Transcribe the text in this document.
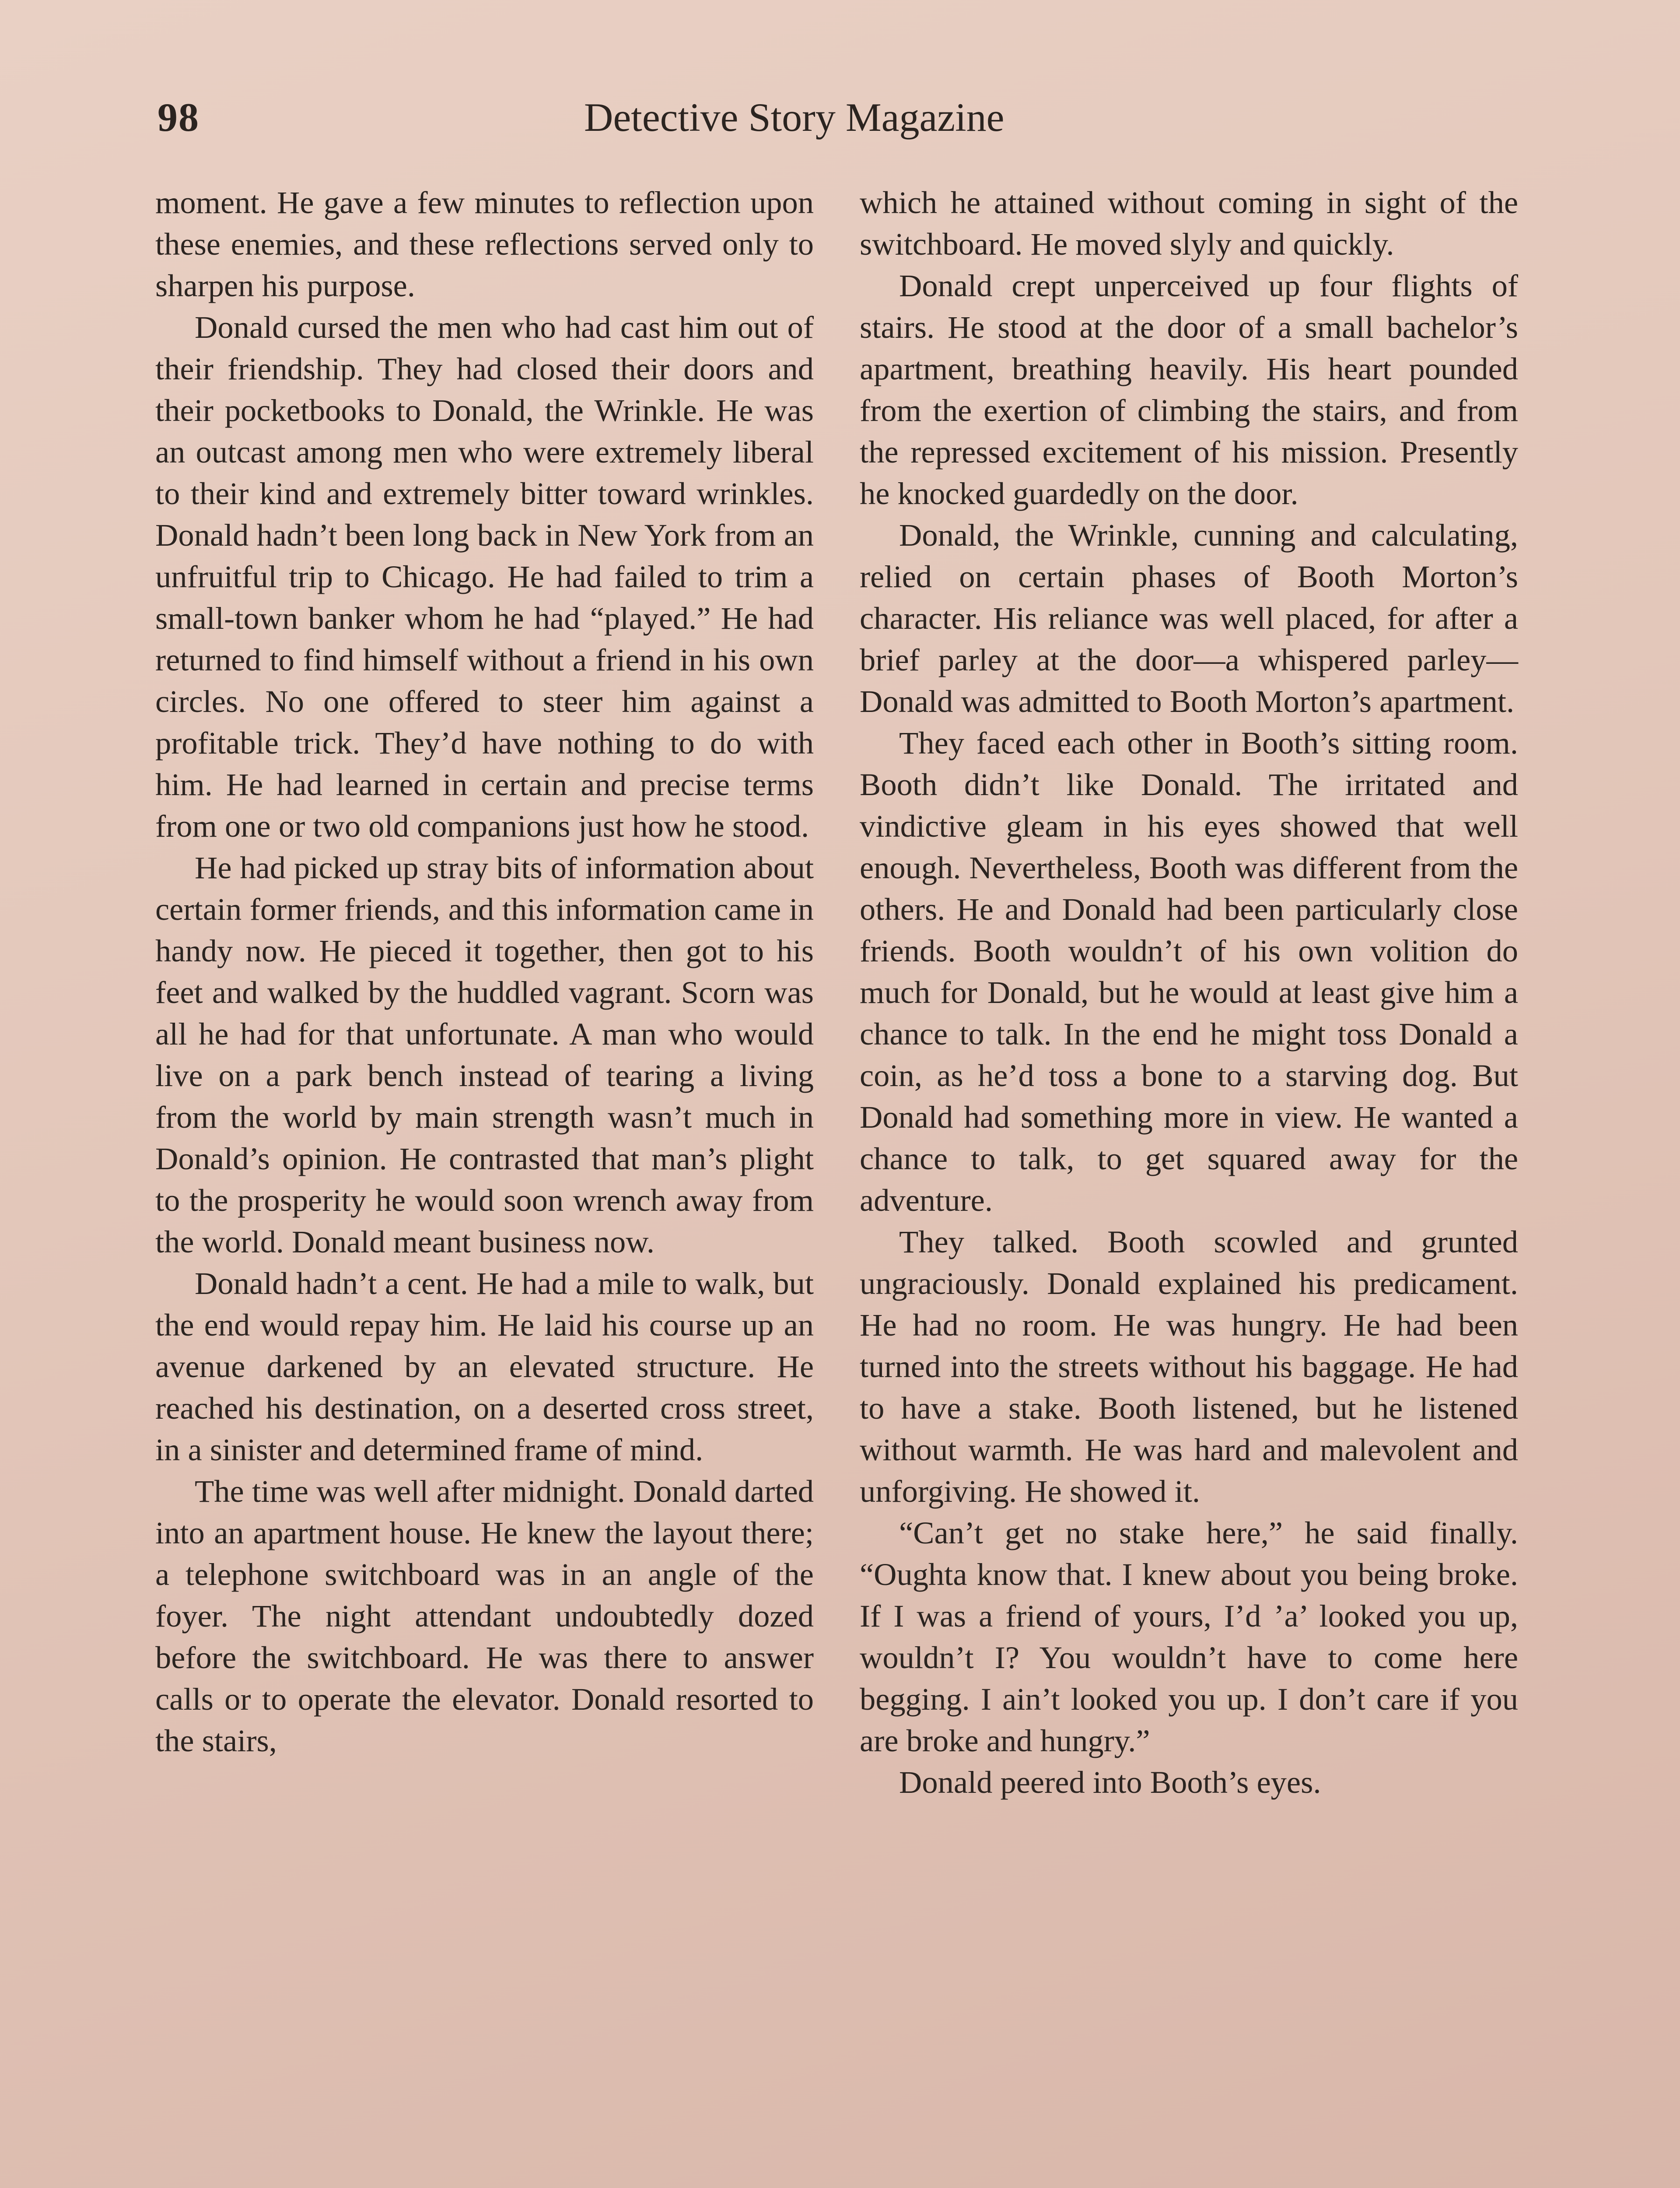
98	Detective Story Magazine

moment. He gave a few minutes to reflection upon these enemies, and these reflections served only to sharpen his purpose.

Donald cursed the men who had cast him out of their friendship. They had closed their doors and their pocketbooks to Donald, the Wrinkle. He was an outcast among men who were extremely liberal to their kind and extremely bitter toward wrinkles. Donald hadn’t been long back in New York from an unfruitful trip to Chicago. He had failed to trim a small-town banker whom he had “played.” He had returned to find himself without a friend in his own circles. No one offered to steer him against a profitable trick. They’d have nothing to do with him. He had learned in certain and precise terms from one or two old companions just how he stood.

He had picked up stray bits of information about certain former friends, and this information came in handy now. He pieced it together, then got to his feet and walked by the huddled vagrant. Scorn was all he had for that unfortunate. A man who would live on a park bench instead of tearing a living from the world by main strength wasn’t much in Donald’s opinion. He contrasted that man’s plight to the prosperity he would soon wrench away from the world. Donald meant business now.

Donald hadn’t a cent. He had a mile to walk, but the end would repay him. He laid his course up an avenue darkened by an elevated structure. He reached his destination, on a deserted cross street, in a sinister and determined frame of mind.

The time was well after midnight. Donald darted into an apartment house. He knew the layout there; a telephone switchboard was in an angle of the foyer. The night attendant undoubtedly dozed before the switchboard. He was there to answer calls or to operate the elevator. Donald resorted to the stairs,

which he attained without coming in sight of the switchboard. He moved slyly and quickly.

Donald crept unperceived up four flights of stairs. He stood at the door of a small bachelor’s apartment, breathing heavily. His heart pounded from the exertion of climbing the stairs, and from the repressed excitement of his mission. Presently he knocked guardedly on the door.

Donald, the Wrinkle, cunning and calculating, relied on certain phases of Booth Morton’s character. His reliance was well placed, for after a brief parley at the door—a whispered parley—Donald was admitted to Booth Morton’s apartment.

They faced each other in Booth’s sitting room. Booth didn’t like Donald. The irritated and vindictive gleam in his eyes showed that well enough. Nevertheless, Booth was different from the others. He and Donald had been particularly close friends. Booth wouldn’t of his own volition do much for Donald, but he would at least give him a chance to talk. In the end he might toss Donald a coin, as he’d toss a bone to a starving dog. But Donald had something more in view. He wanted a chance to talk, to get squared away for the adventure.

They talked. Booth scowled and grunted ungraciously. Donald explained his predicament. He had no room. He was hungry. He had been turned into the streets without his baggage. He had to have a stake. Booth listened, but he listened without warmth. He was hard and malevolent and unforgiving. He showed it.

“Can’t get no stake here,” he said finally. “Oughta know that. I knew about you being broke. If I was a friend of yours, I’d ’a’ looked you up, wouldn’t I? You wouldn’t have to come here begging. I ain’t looked you up. I don’t care if you are broke and hungry.”

Donald peered into Booth’s eyes.
